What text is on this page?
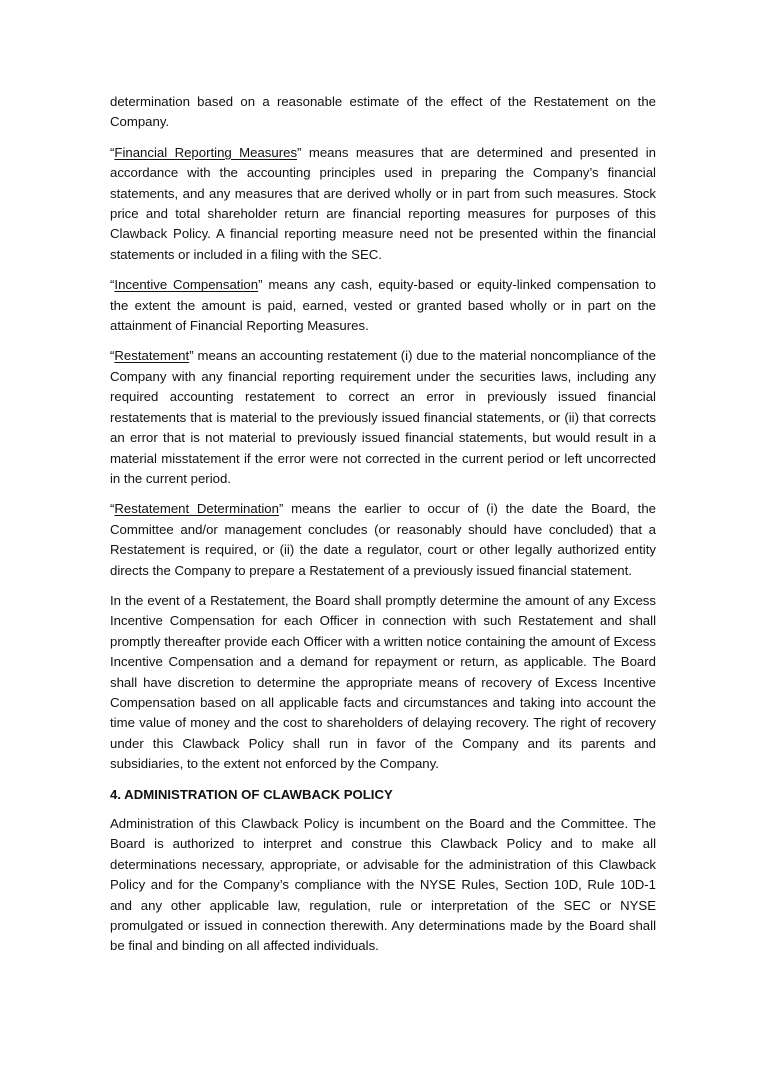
determination based on a reasonable estimate of the effect of the Restatement on the Company.

“Financial Reporting Measures” means measures that are determined and presented in accordance with the accounting principles used in preparing the Company’s financial statements, and any measures that are derived wholly or in part from such measures. Stock price and total shareholder return are financial reporting measures for purposes of this Clawback Policy. A financial reporting measure need not be presented within the financial statements or included in a filing with the SEC.

“Incentive Compensation” means any cash, equity-based or equity-linked compensation to the extent the amount is paid, earned, vested or granted based wholly or in part on the attainment of Financial Reporting Measures.

“Restatement” means an accounting restatement (i) due to the material noncompliance of the Company with any financial reporting requirement under the securities laws, including any required accounting restatement to correct an error in previously issued financial restatements that is material to the previously issued financial statements, or (ii) that corrects an error that is not material to previously issued financial statements, but would result in a material misstatement if the error were not corrected in the current period or left uncorrected in the current period.

“Restatement Determination” means the earlier to occur of (i) the date the Board, the Committee and/or management concludes (or reasonably should have concluded) that a Restatement is required, or (ii) the date a regulator, court or other legally authorized entity directs the Company to prepare a Restatement of a previously issued financial statement.

In the event of a Restatement, the Board shall promptly determine the amount of any Excess Incentive Compensation for each Officer in connection with such Restatement and shall promptly thereafter provide each Officer with a written notice containing the amount of Excess Incentive Compensation and a demand for repayment or return, as applicable. The Board shall have discretion to determine the appropriate means of recovery of Excess Incentive Compensation based on all applicable facts and circumstances and taking into account the time value of money and the cost to shareholders of delaying recovery. The right of recovery under this Clawback Policy shall run in favor of the Company and its parents and subsidiaries, to the extent not enforced by the Company.

4. ADMINISTRATION OF CLAWBACK POLICY

Administration of this Clawback Policy is incumbent on the Board and the Committee. The Board is authorized to interpret and construe this Clawback Policy and to make all determinations necessary, appropriate, or advisable for the administration of this Clawback Policy and for the Company’s compliance with the NYSE Rules, Section 10D, Rule 10D-1 and any other applicable law, regulation, rule or interpretation of the SEC or NYSE promulgated or issued in connection therewith. Any determinations made by the Board shall be final and binding on all affected individuals.
